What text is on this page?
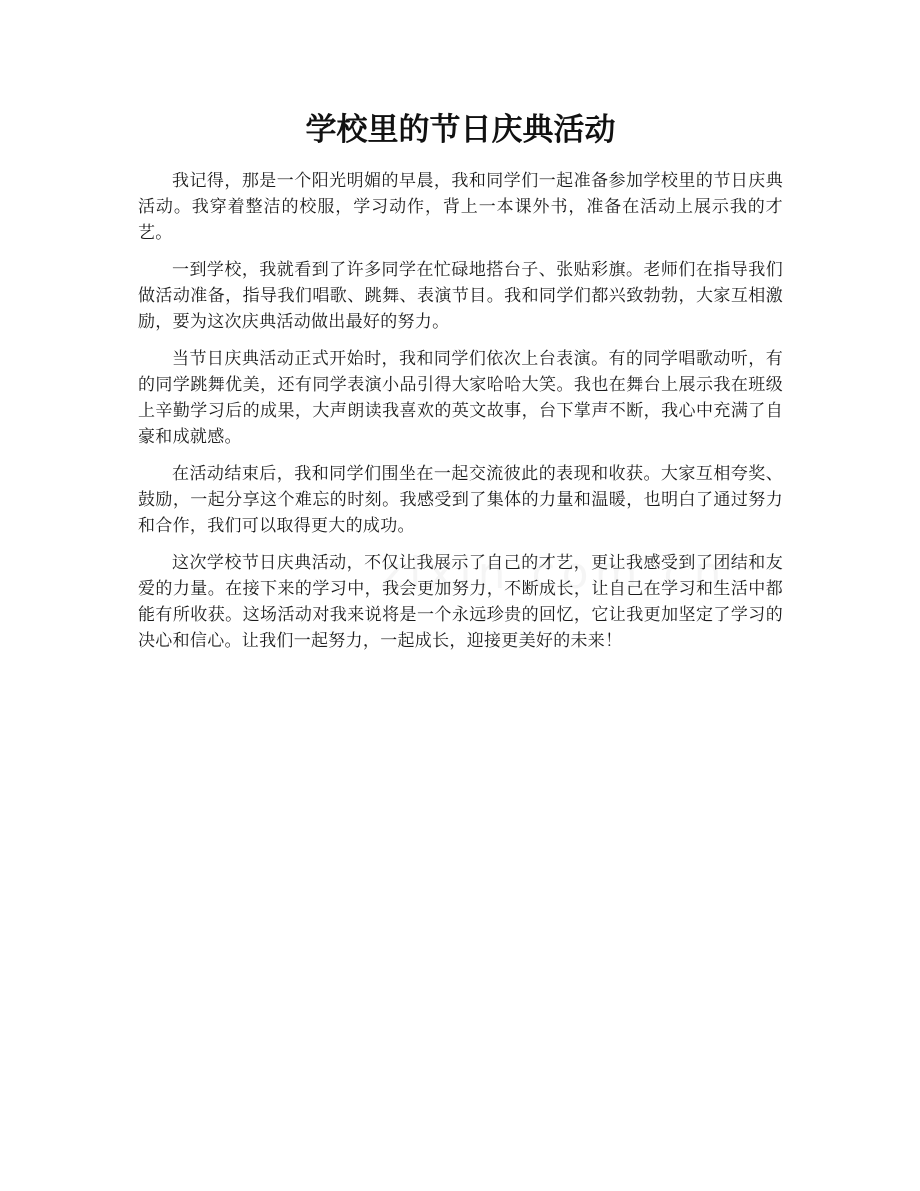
学校里的节日庆典活动

我记得，那是一个阳光明媚的早晨，我和同学们一起准备参加学校里的节日庆典活动。我穿着整洁的校服，学习动作，背上一本课外书，准备在活动上展示我的才艺。

一到学校，我就看到了许多同学在忙碌地搭台子、张贴彩旗。老师们在指导我们做活动准备，指导我们唱歌、跳舞、表演节目。我和同学们都兴致勃勃，大家互相激励，要为这次庆典活动做出最好的努力。

当节日庆典活动正式开始时，我和同学们依次上台表演。有的同学唱歌动听，有的同学跳舞优美，还有同学表演小品引得大家哈哈大笑。我也在舞台上展示我在班级上辛勤学习后的成果，大声朗读我喜欢的英文故事，台下掌声不断，我心中充满了自豪和成就感。

在活动结束后，我和同学们围坐在一起交流彼此的表现和收获。大家互相夸奖、鼓励，一起分享这个难忘的时刻。我感受到了集体的力量和温暖，也明白了通过努力和合作，我们可以取得更大的成功。

这次学校节日庆典活动，不仅让我展示了自己的才艺，更让我感受到了团结和友爱的力量。在接下来的学习中，我会更加努力，不断成长，让自己在学习和生活中都能有所收获。这场活动对我来说将是一个永远珍贵的回忆，它让我更加坚定了学习的决心和信心。让我们一起努力，一起成长，迎接更美好的未来！
